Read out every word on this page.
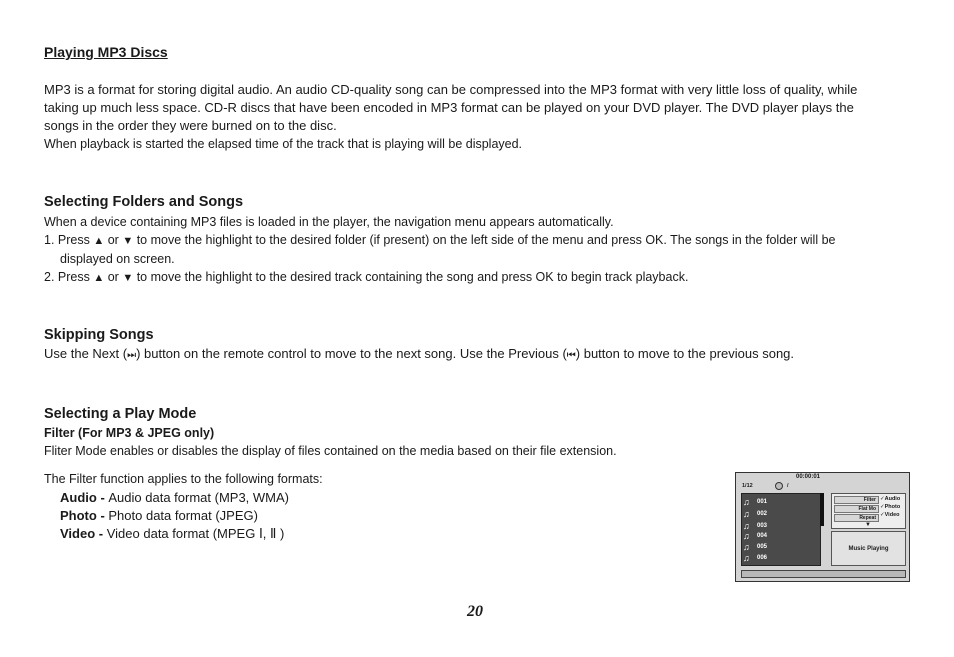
Playing MP3 Discs
MP3 is a format for storing digital audio. An audio CD-quality song can be compressed into the MP3 format with very little loss of quality, while
taking up much less space. CD-R discs that have been encoded in MP3 format can be played on your DVD player. The DVD player plays the
songs in the order they were burned on to the disc.
When playback is started the elapsed time of the track that is playing will be displayed.
Selecting Folders and Songs
When a device containing MP3 files is loaded in the player, the navigation menu appears automatically.
1. Press ▲ or ▼ to move the highlight to the desired folder (if present) on the left side of the menu and press OK. The songs in the folder will be
displayed on screen.
2. Press ▲ or ▼ to move the highlight to the desired track containing the song and press OK to begin track playback.
Skipping Songs
Use the Next (⏭) button on the remote control to move to the next song. Use the Previous (⏮) button to move to the previous song.
Selecting a Play Mode
Filter (For MP3 & JPEG only)
Fliter Mode enables or disables the display of files contained on the media based on their file extension.
The Filter function applies to the following formats:
Audio - Audio data format (MP3, WMA)
Photo - Photo data format (JPEG)
Video - Video data format (MPEG Ⅰ, Ⅱ )
00:00:01
1/12	/
♫	001
♫	002
♫	003
♫	004
♫	005
♫	006
Filter
Flat Mo
Repeat
✓Audio
✓Photo
✓Video
▼
Music Playing
20
